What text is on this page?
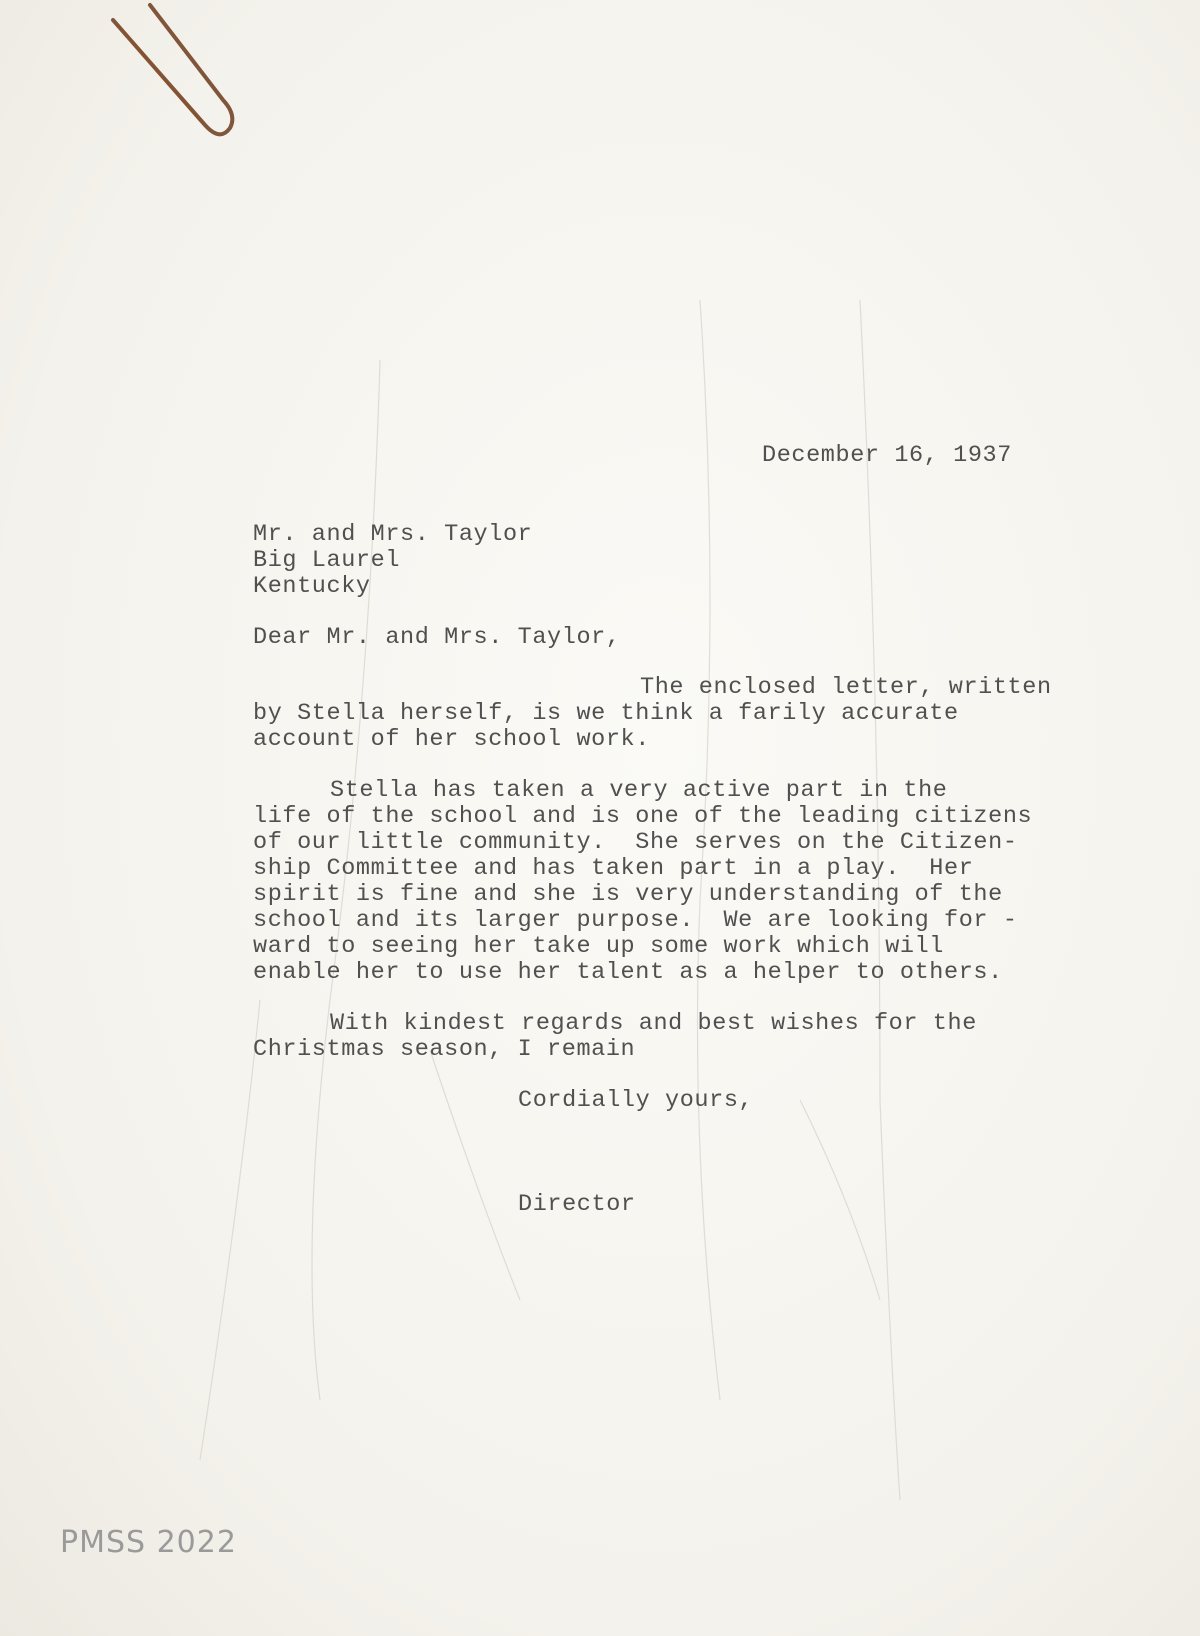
December 16, 1937
Mr. and Mrs. Taylor
Big Laurel
Kentucky
Dear Mr. and Mrs. Taylor,
The enclosed letter, written
by Stella herself, is we think a farily accurate
account of her school work.
Stella has taken a very active part in the
life of the school and is one of the leading citizens
of our little community.  She serves on the Citizen-
ship Committee and has taken part in a play.  Her
spirit is fine and she is very understanding of the
school and its larger purpose.  We are looking for -
ward to seeing her take up some work which will
enable her to use her talent as a helper to others.
With kindest regards and best wishes for the
Christmas season, I remain
Cordially yours,
Director
PMSS 2022
